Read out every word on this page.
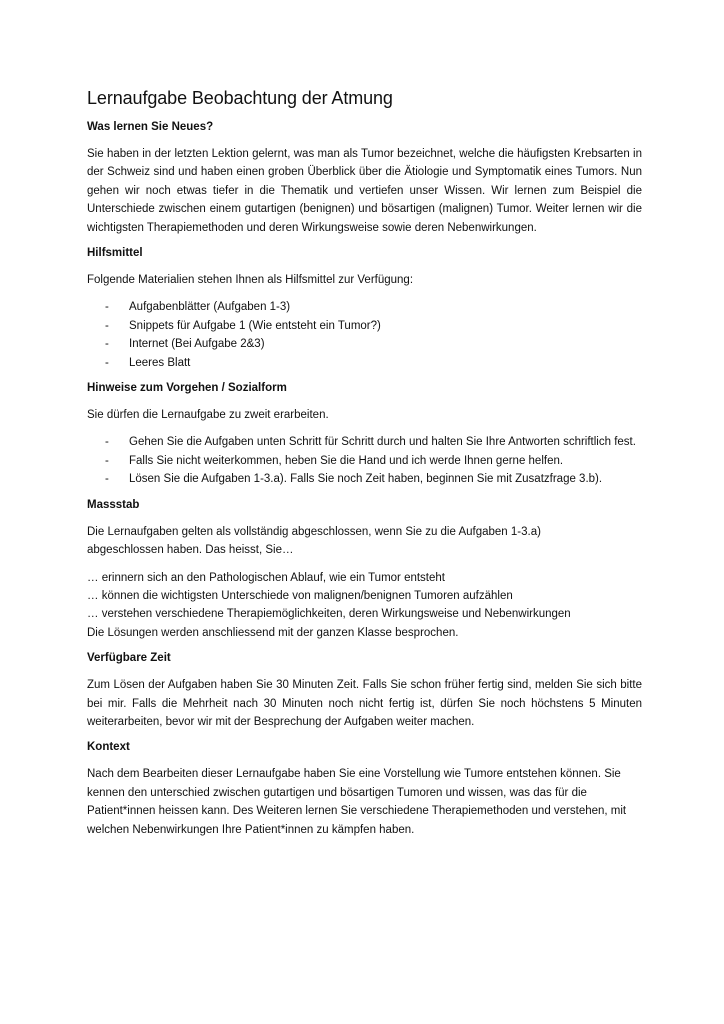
Lernaufgabe Beobachtung der Atmung
Was lernen Sie Neues?

Sie haben in der letzten Lektion gelernt, was man als Tumor bezeichnet, welche die häufigsten Krebsarten in der Schweiz sind und haben einen groben Überblick über die Ätiologie und Symptomatik eines Tumors. Nun gehen wir noch etwas tiefer in die Thematik und vertiefen unser Wissen. Wir lernen zum Beispiel die Unterschiede zwischen einem gutartigen (benignen) und bösartigen (malignen) Tumor. Weiter lernen wir die wichtigsten Therapiemethoden und deren Wirkungsweise sowie deren Nebenwirkungen.

Hilfsmittel

Folgende Materialien stehen Ihnen als Hilfsmittel zur Verfügung:

- Aufgabenblätter (Aufgaben 1-3)
- Snippets für Aufgabe 1 (Wie entsteht ein Tumor?)
- Internet (Bei Aufgabe 2&3)
- Leeres Blatt
Hinweise zum Vorgehen / Sozialform

Sie dürfen die Lernaufgabe zu zweit erarbeiten.

- Gehen Sie die Aufgaben unten Schritt für Schritt durch und halten Sie Ihre Antworten schriftlich fest.
- Falls Sie nicht weiterkommen, heben Sie die Hand und ich werde Ihnen gerne helfen.
- Lösen Sie die Aufgaben 1-3.a). Falls Sie noch Zeit haben, beginnen Sie mit Zusatzfrage 3.b).
Massstab

Die Lernaufgaben gelten als vollständig abgeschlossen, wenn Sie zu die Aufgaben 1-3.a) abgeschlossen haben. Das heisst, Sie…

… erinnern sich an den Pathologischen Ablauf, wie ein Tumor entsteht
… können die wichtigsten Unterschiede von malignen/benignen Tumoren aufzählen
… verstehen verschiedene Therapiemöglichkeiten, deren Wirkungsweise und Nebenwirkungen
Die Lösungen werden anschliessend mit der ganzen Klasse besprochen.
Verfügbare Zeit

Zum Lösen der Aufgaben haben Sie 30 Minuten Zeit. Falls Sie schon früher fertig sind, melden Sie sich bitte bei mir. Falls die Mehrheit nach 30 Minuten noch nicht fertig ist, dürfen Sie noch höchstens 5 Minuten weiterarbeiten, bevor wir mit der Besprechung der Aufgaben weiter machen.

Kontext

Nach dem Bearbeiten dieser Lernaufgabe haben Sie eine Vorstellung wie Tumore entstehen können. Sie kennen den unterschied zwischen gutartigen und bösartigen Tumoren und wissen, was das für die Patient*innen heissen kann. Des Weiteren lernen Sie verschiedene Therapiemethoden und verstehen, mit welchen Nebenwirkungen Ihre Patient*innen zu kämpfen haben.
